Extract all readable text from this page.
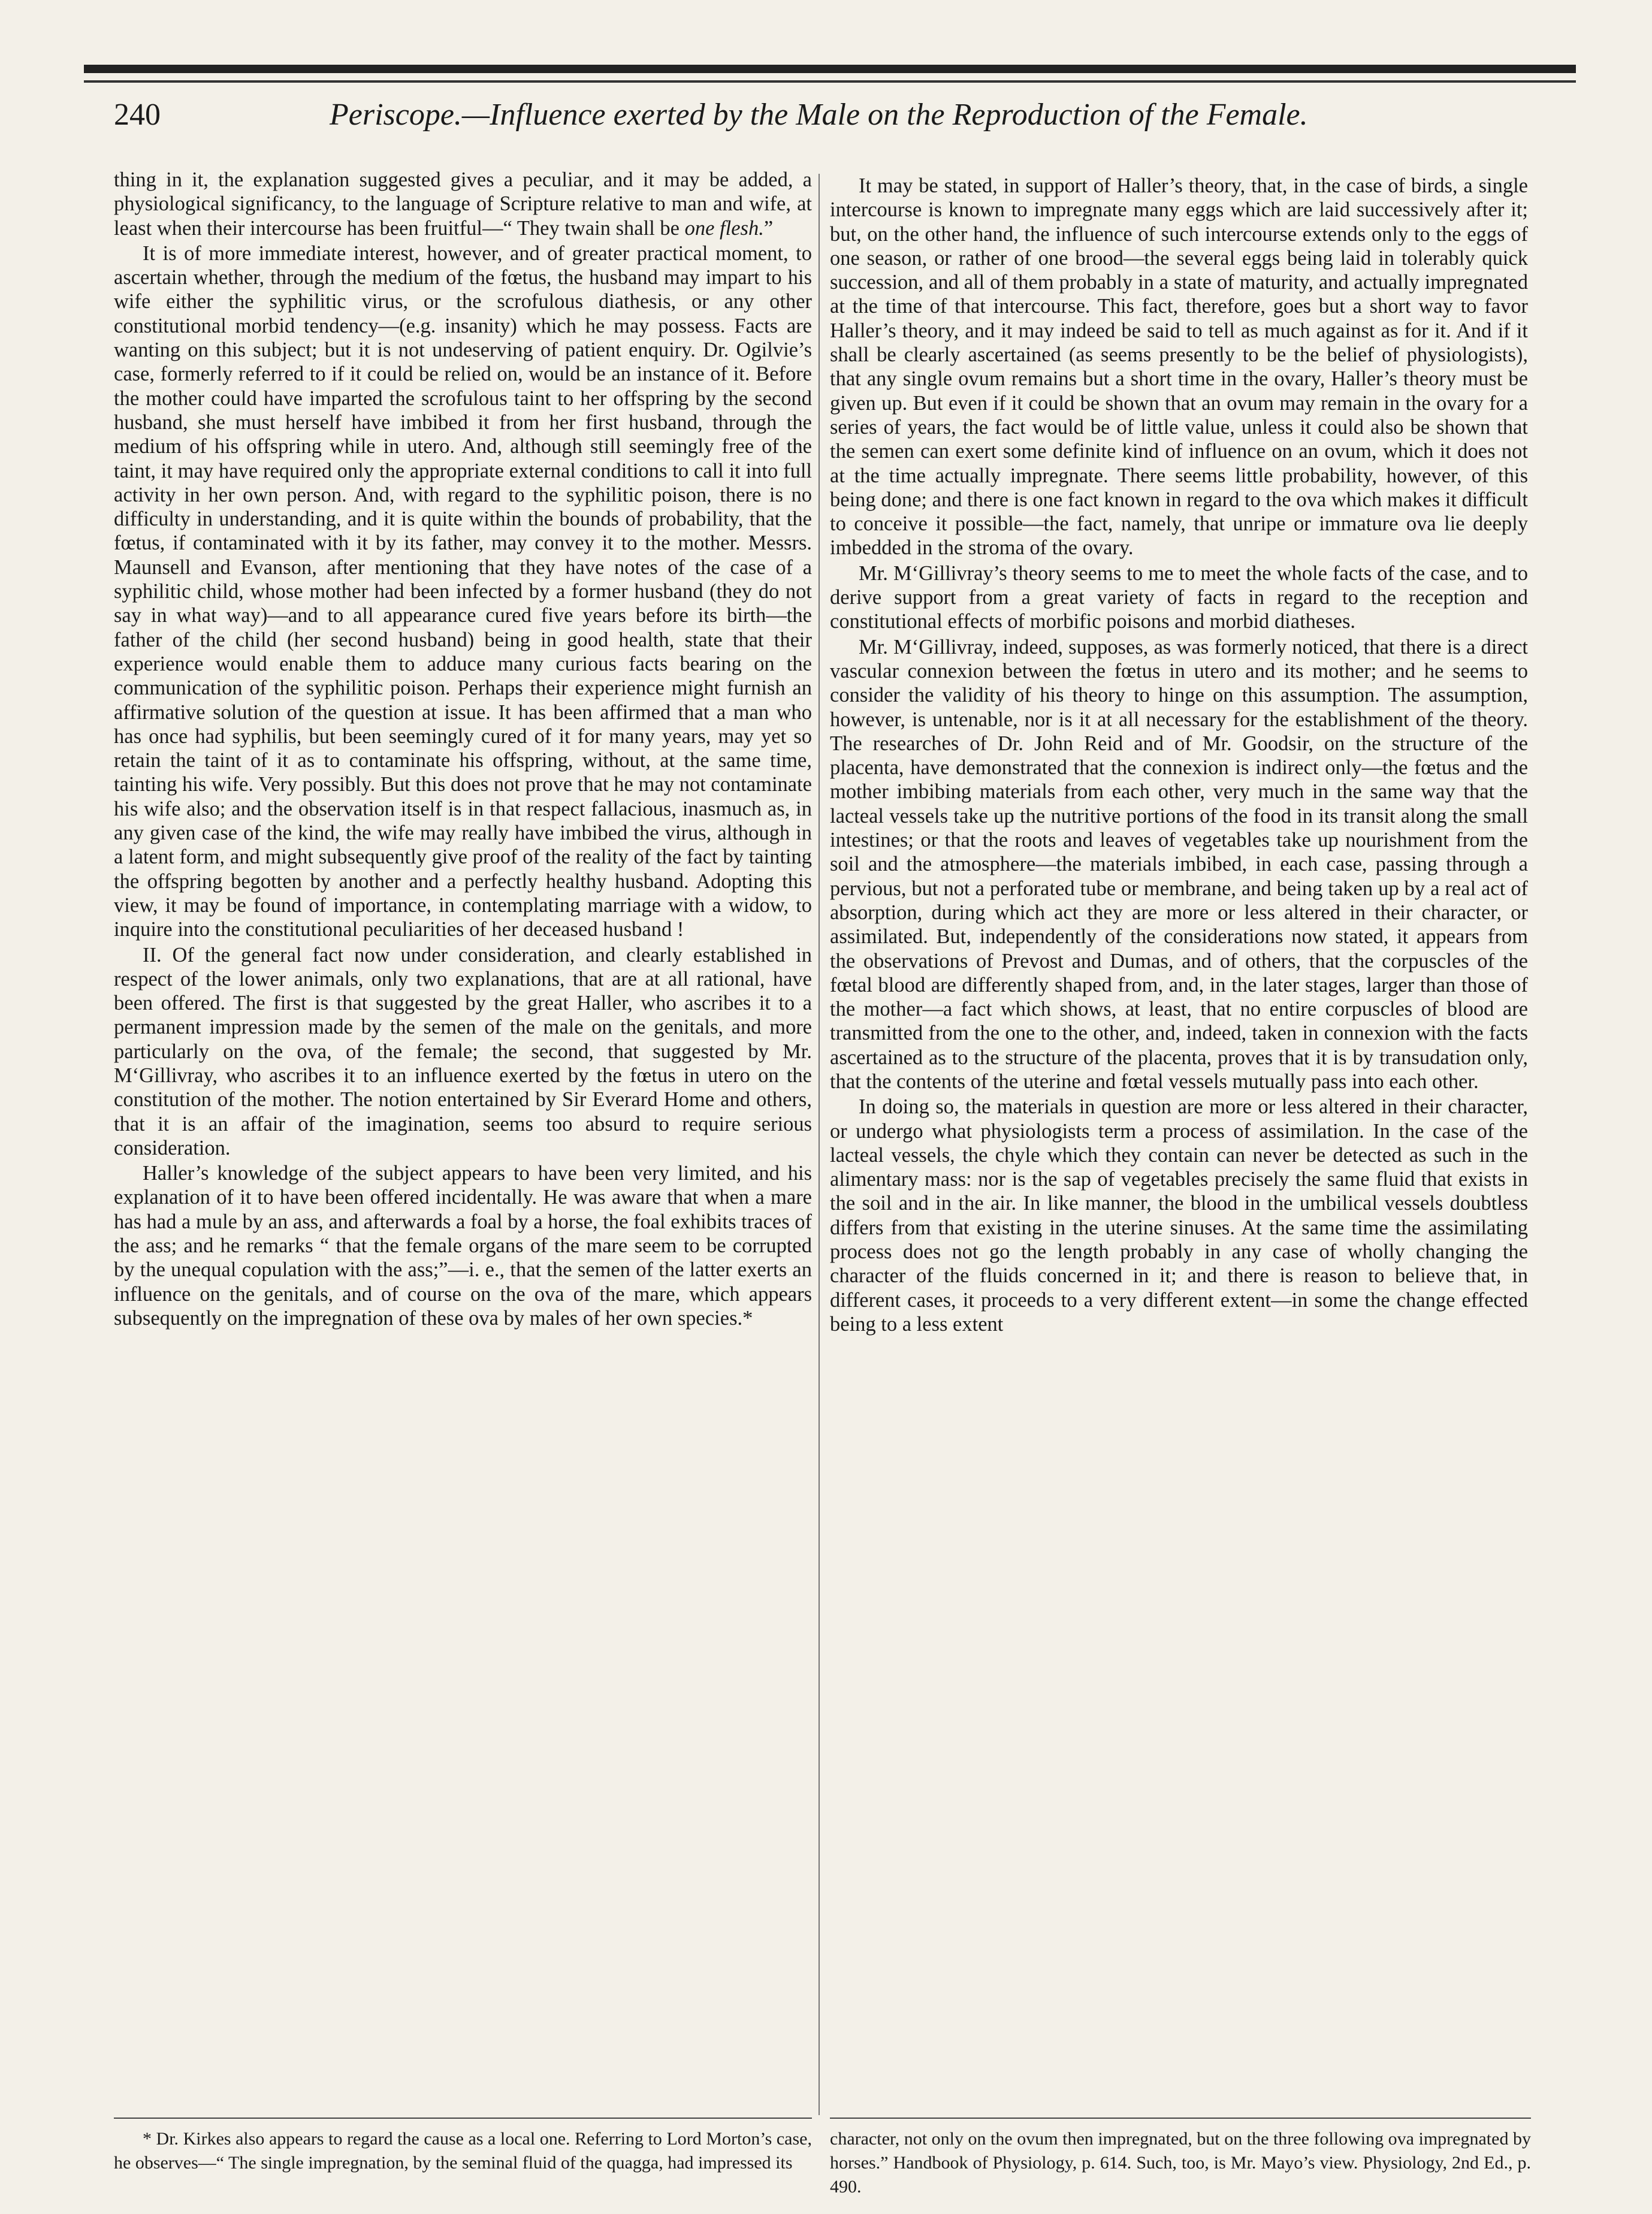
240	Periscope.—Influence exerted by the Male on the Reproduction of the Female.

thing in it, the explanation suggested gives a peculiar, and it may be added, a physiological significancy, to the language of Scripture relative to man and wife, at least when their intercourse has been fruitful—“ They twain shall be one flesh.”

It is of more immediate interest, however, and of greater practical moment, to ascertain whether, through the medium of the fœtus, the husband may impart to his wife either the syphilitic virus, or the scrofulous diathesis, or any other constitutional morbid tendency—(e.g. insanity) which he may possess. Facts are wanting on this subject; but it is not undeserving of patient enquiry. Dr. Ogilvie’s case, formerly referred to if it could be relied on, would be an instance of it. Before the mother could have imparted the scrofulous taint to her offspring by the second husband, she must herself have imbibed it from her first husband, through the medium of his offspring while in utero. And, although still seemingly free of the taint, it may have required only the appropriate external conditions to call it into full activity in her own person. And, with regard to the syphilitic poison, there is no difficulty in understanding, and it is quite within the bounds of probability, that the fœtus, if contaminated with it by its father, may convey it to the mother. Messrs. Maunsell and Evanson, after mentioning that they have notes of the case of a syphilitic child, whose mother had been infected by a former husband (they do not say in what way)—and to all appearance cured five years before its birth—the father of the child (her second husband) being in good health, state that their experience would enable them to adduce many curious facts bearing on the communication of the syphilitic poison. Perhaps their experience might furnish an affirmative solution of the question at issue. It has been affirmed that a man who has once had syphilis, but been seemingly cured of it for many years, may yet so retain the taint of it as to contaminate his offspring, without, at the same time, tainting his wife. Very possibly. But this does not prove that he may not contaminate his wife also; and the observation itself is in that respect fallacious, inasmuch as, in any given case of the kind, the wife may really have imbibed the virus, although in a latent form, and might subsequently give proof of the reality of the fact by tainting the offspring begotten by another and a perfectly healthy husband. Adopting this view, it may be found of importance, in contemplating marriage with a widow, to inquire into the constitutional peculiarities of her deceased husband !

II. Of the general fact now under consideration, and clearly established in respect of the lower animals, only two explanations, that are at all rational, have been offered. The first is that suggested by the great Haller, who ascribes it to a permanent impression made by the semen of the male on the genitals, and more particularly on the ova, of the female; the second, that suggested by Mr. M‘Gillivray, who ascribes it to an influence exerted by the fœtus in utero on the constitution of the mother. The notion entertained by Sir Everard Home and others, that it is an affair of the imagination, seems too absurd to require serious consideration.

Haller’s knowledge of the subject appears to have been very limited, and his explanation of it to have been offered incidentally. He was aware that when a mare has had a mule by an ass, and afterwards a foal by a horse, the foal exhibits traces of the ass; and he remarks “ that the female organs of the mare seem to be corrupted by the unequal copulation with the ass;”—i. e., that the semen of the latter exerts an influence on the genitals, and of course on the ova of the mare, which appears subsequently on the impregnation of these ova by males of her own species.*

It may be stated, in support of Haller’s theory, that, in the case of birds, a single intercourse is known to impregnate many eggs which are laid successively after it; but, on the other hand, the influence of such intercourse extends only to the eggs of one season, or rather of one brood—the several eggs being laid in tolerably quick succession, and all of them probably in a state of maturity, and actually impregnated at the time of that intercourse. This fact, therefore, goes but a short way to favor Haller’s theory, and it may indeed be said to tell as much against as for it. And if it shall be clearly ascertained (as seems presently to be the belief of physiologists), that any single ovum remains but a short time in the ovary, Haller’s theory must be given up. But even if it could be shown that an ovum may remain in the ovary for a series of years, the fact would be of little value, unless it could also be shown that the semen can exert some definite kind of influence on an ovum, which it does not at the time actually impregnate. There seems little probability, however, of this being done; and there is one fact known in regard to the ova which makes it difficult to conceive it possible—the fact, namely, that unripe or immature ova lie deeply imbedded in the stroma of the ovary.

Mr. M‘Gillivray’s theory seems to me to meet the whole facts of the case, and to derive support from a great variety of facts in regard to the reception and constitutional effects of morbific poisons and morbid diatheses.

Mr. M‘Gillivray, indeed, supposes, as was formerly noticed, that there is a direct vascular connexion between the fœtus in utero and its mother; and he seems to consider the validity of his theory to hinge on this assumption. The assumption, however, is untenable, nor is it at all necessary for the establishment of the theory. The researches of Dr. John Reid and of Mr. Goodsir, on the structure of the placenta, have demonstrated that the connexion is indirect only—the fœtus and the mother imbibing materials from each other, very much in the same way that the lacteal vessels take up the nutritive portions of the food in its transit along the small intestines; or that the roots and leaves of vegetables take up nourishment from the soil and the atmosphere—the materials imbibed, in each case, passing through a pervious, but not a perforated tube or membrane, and being taken up by a real act of absorption, during which act they are more or less altered in their character, or assimilated. But, independently of the considerations now stated, it appears from the observations of Prevost and Dumas, and of others, that the corpuscles of the fœtal blood are differently shaped from, and, in the later stages, larger than those of the mother—a fact which shows, at least, that no entire corpuscles of blood are transmitted from the one to the other, and, indeed, taken in connexion with the facts ascertained as to the structure of the placenta, proves that it is by transudation only, that the contents of the uterine and fœtal vessels mutually pass into each other.

In doing so, the materials in question are more or less altered in their character, or undergo what physiologists term a process of assimilation. In the case of the lacteal vessels, the chyle which they contain can never be detected as such in the alimentary mass: nor is the sap of vegetables precisely the same fluid that exists in the soil and in the air. In like manner, the blood in the umbilical vessels doubtless differs from that existing in the uterine sinuses. At the same time the assimilating process does not go the length probably in any case of wholly changing the character of the fluids concerned in it; and there is reason to believe that, in different cases, it proceeds to a very different extent—in some the change effected being to a less extent

* Dr. Kirkes also appears to regard the cause as a local one. Referring to Lord Morton’s case, he observes—“ The single impregnation, by the seminal fluid of the quagga, had impressed its
character, not only on the ovum then impregnated, but on the three following ova impregnated by horses.” Handbook of Physiology, p. 614. Such, too, is Mr. Mayo’s view. Physiology, 2nd Ed., p. 490.
